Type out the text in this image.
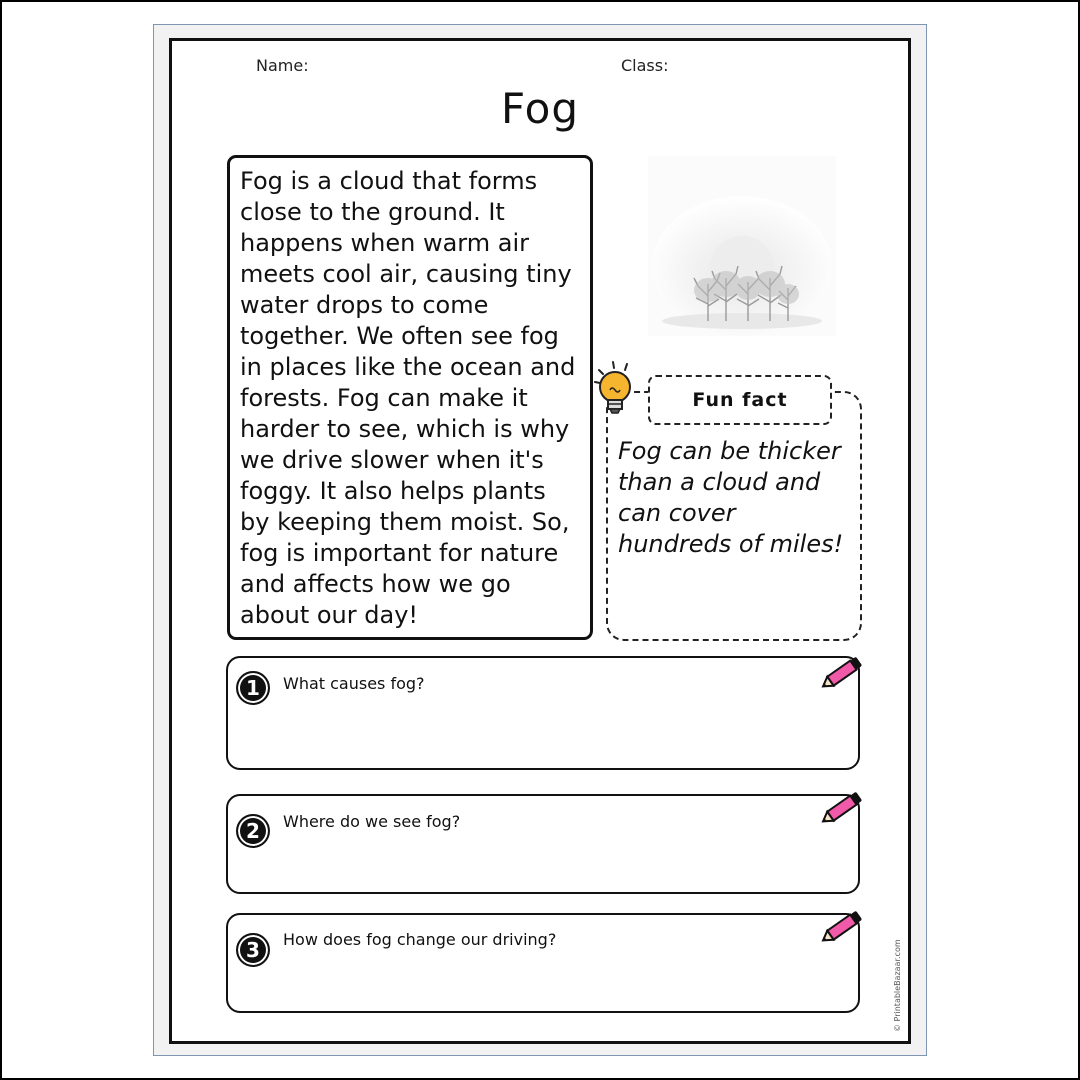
Name:	Class:
Fog
Fog is a cloud that forms close to the ground. It happens when warm air meets cool air, causing tiny water drops to come together. We often see fog in places like the ocean and forests. Fog can make it harder to see, which is why we drive slower when it's foggy. It also helps plants by keeping them moist. So, fog is important for nature and affects how we go about our day!
Fun fact
Fog can be thicker than a cloud and can cover hundreds of miles!
1	What causes fog?
2	Where do we see fog?
3	How does fog change our driving?	© PrintableBazaar.com
